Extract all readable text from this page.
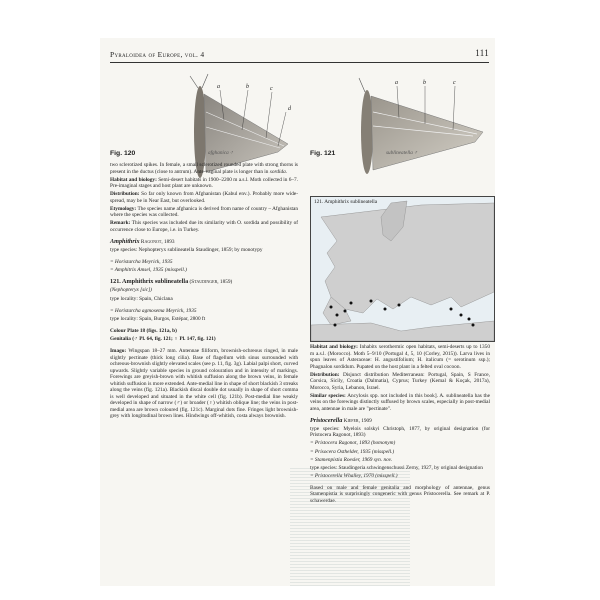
Pyraloidea of Europe, vol. 4	111
a	b	c
d
Fig. 120	afghanica ♂
a	b	c
Fig. 121	sublineatella ♂

two sclerotized spikes. In female, a small sclerotized rounded plate with strong thorns is present in the ductus (close to antrum). Ante-vaginal plate is longer than in sordida.

Habitat and biology: Semi-desert habitats in 1900–2200 m a.s.l. Moth collected in 6–7. Pre-imaginal stages and host plant are unknown.

Distribution: So far only known from Afghanistan (Kabul env.). Probably more wide-spread, may be in Near East, but overlooked.

Etymology: The species name afghanica is derived from name of country – Afghanistan where the species was collected.

Remark: This species was included due its similarity with O. sordida and possibility of occurrence close to Europe, i.e. in Turkey.

Amphithrix Ragonot, 1893

type species: Nephopteryx sublineatella Staudinger, 1859; by monotypy

= Horistarcha Meyrick, 1935

= Amphitrix Amsel, 1935 (misspell.)

121. Amphithrix sublineatella (Staudinger, 1859)

(Nephopteryx [sic])

type locality: Spain, Chiclana

= Horistarcha agmosema Meyrick, 1935

type locality: Spain, Burgos, Estépar, 2800 ft

Colour Plate 18 (figs. 121a, b)

Genitalia (♂ Pl. 64, fig. 121; ♀ Pl. 147, fig. 121)

Imago: Wingspan 18–27 mm. Antennae filiform, brownish-ochreous ringed, in male slightly pectinate (thick long cilia). Base of flagellum with sinus surrounded with ochreous-brownish slightly elevated scales (see p. 11, fig. 3g). Labial palpi short, curved upwards. Slightly variable species in ground colouration and in intensity of markings. Forewings are greyish-brown with whitish suffusion along the brown veins, in female whitish suffusion is more extended. Ante-medial line in shape of short blackish 3 streaks along the veins (fig. 121a). Blackish discal double dot usually in shape of short comma is well developed and situated in the white cell (fig. 121b). Post-medial line weakly developed in shape of narrow (♂) or broader (♀) whitish oblique line; the veins in post-medial area are brown coloured (fig. 121c). Marginal dots fine. Fringes light brownish-grey with longitudinal brown lines. Hindwings off-whitish, costa always brownish.

121. Amphithrix sublineatella

Habitat and biology: Inhabits xerothermic open habitats, semi-deserts up to 1350 m a.s.l. (Morocco). Moth 5–9/10 (Portugal 4, 5, 10 (Corley, 2015)). Larva lives in spun leaves of Asteraceae: H. angustifolium; H. italicum (= serotinum ssp.); Phagnalon sordidum. Pupated on the host plant in a felted oval cocoon.

Distribution: Disjunct distribution Mediterranean: Portugal, Spain, S France, Corsica, Sicily, Croatia (Dalmatia), Cyprus; Turkey (Kemal & Koçak, 2017a), Morocco, Syria, Lebanon, Israel.

Similar species: Ancylosis spp. not included in this book]. A. sublineatella has the veins on the forewings distinctly suffused by brown scales, especially in post-medial area, antennae in male are "pectinate".

Pristocerella Kiefer, 1909

type species: Myelois solskyi Christoph, 1877, by original designation (for Pristocera Ragonot, 1893)

= Pristocera Ragonot, 1893 (homonym)

= Prisocera Osthelder, 1935 (misspell.)

= Stamenpistia Roesler, 1969 syn. nov.

type species: Staudingeria schwingenschussi Zerny, 1927, by original designation

= Pristocerella Whalley, 1970 (misspell.)

Based on male and female genitalia and morphology of antennae, genus Stamenpistia is surprisingly congeneric with genus Pristocerella. See remark at P. schawerdae.
